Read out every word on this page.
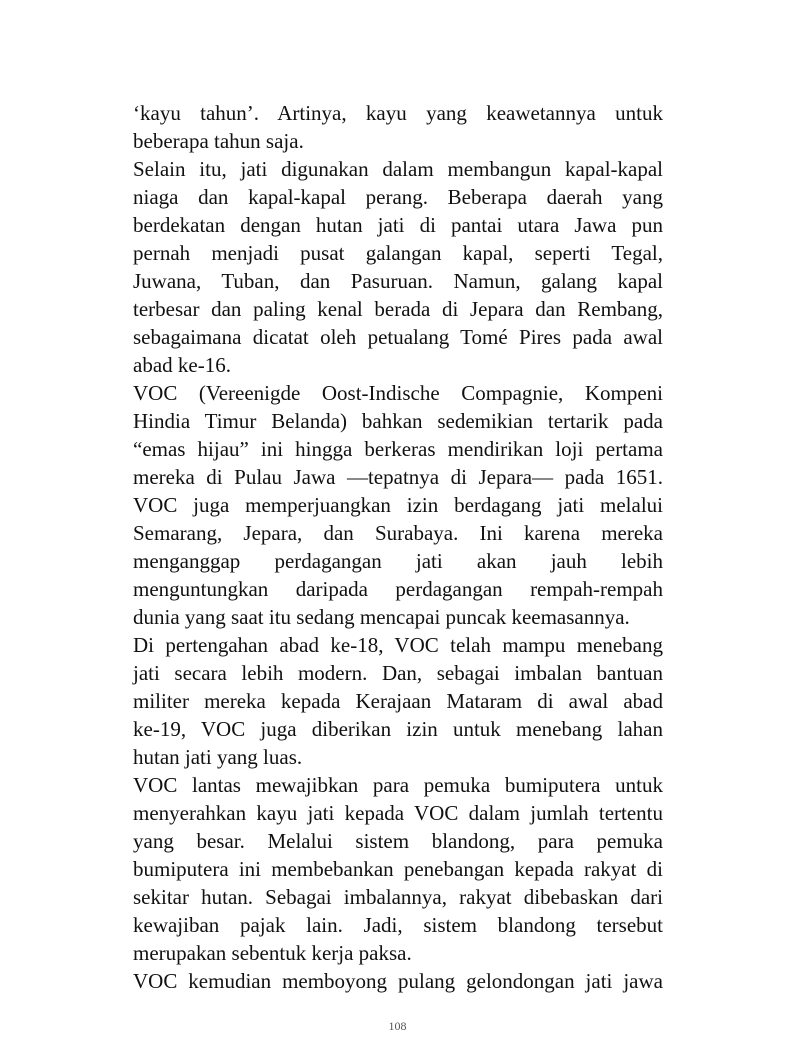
‘kayu tahun’. Artinya, kayu yang keawetannya untuk
beberapa tahun saja.
Selain itu, jati digunakan dalam membangun kapal-kapal
niaga dan kapal-kapal perang. Beberapa daerah yang
berdekatan dengan hutan jati di pantai utara Jawa pun
pernah menjadi pusat galangan kapal, seperti Tegal,
Juwana, Tuban, dan Pasuruan. Namun, galang kapal
terbesar dan paling kenal berada di Jepara dan Rembang,
sebagaimana dicatat oleh petualang Tomé Pires pada awal
abad ke-16.
VOC (Vereenigde Oost-Indische Compagnie, Kompeni
Hindia Timur Belanda) bahkan sedemikian tertarik pada
“emas hijau” ini hingga berkeras mendirikan loji pertama
mereka di Pulau Jawa —tepatnya di Jepara— pada 1651.
VOC juga memperjuangkan izin berdagang jati melalui
Semarang, Jepara, dan Surabaya. Ini karena mereka
menganggap perdagangan jati akan jauh lebih
menguntungkan daripada perdagangan rempah-rempah
dunia yang saat itu sedang mencapai puncak keemasannya.
Di pertengahan abad ke-18, VOC telah mampu menebang
jati secara lebih modern. Dan, sebagai imbalan bantuan
militer mereka kepada Kerajaan Mataram di awal abad
ke-19, VOC juga diberikan izin untuk menebang lahan
hutan jati yang luas.
VOC lantas mewajibkan para pemuka bumiputera untuk
menyerahkan kayu jati kepada VOC dalam jumlah tertentu
yang besar. Melalui sistem blandong, para pemuka
bumiputera ini membebankan penebangan kepada rakyat di
sekitar hutan. Sebagai imbalannya, rakyat dibebaskan dari
kewajiban pajak lain. Jadi, sistem blandong tersebut
merupakan sebentuk kerja paksa.
VOC kemudian memboyong pulang gelondongan jati jawa
108
